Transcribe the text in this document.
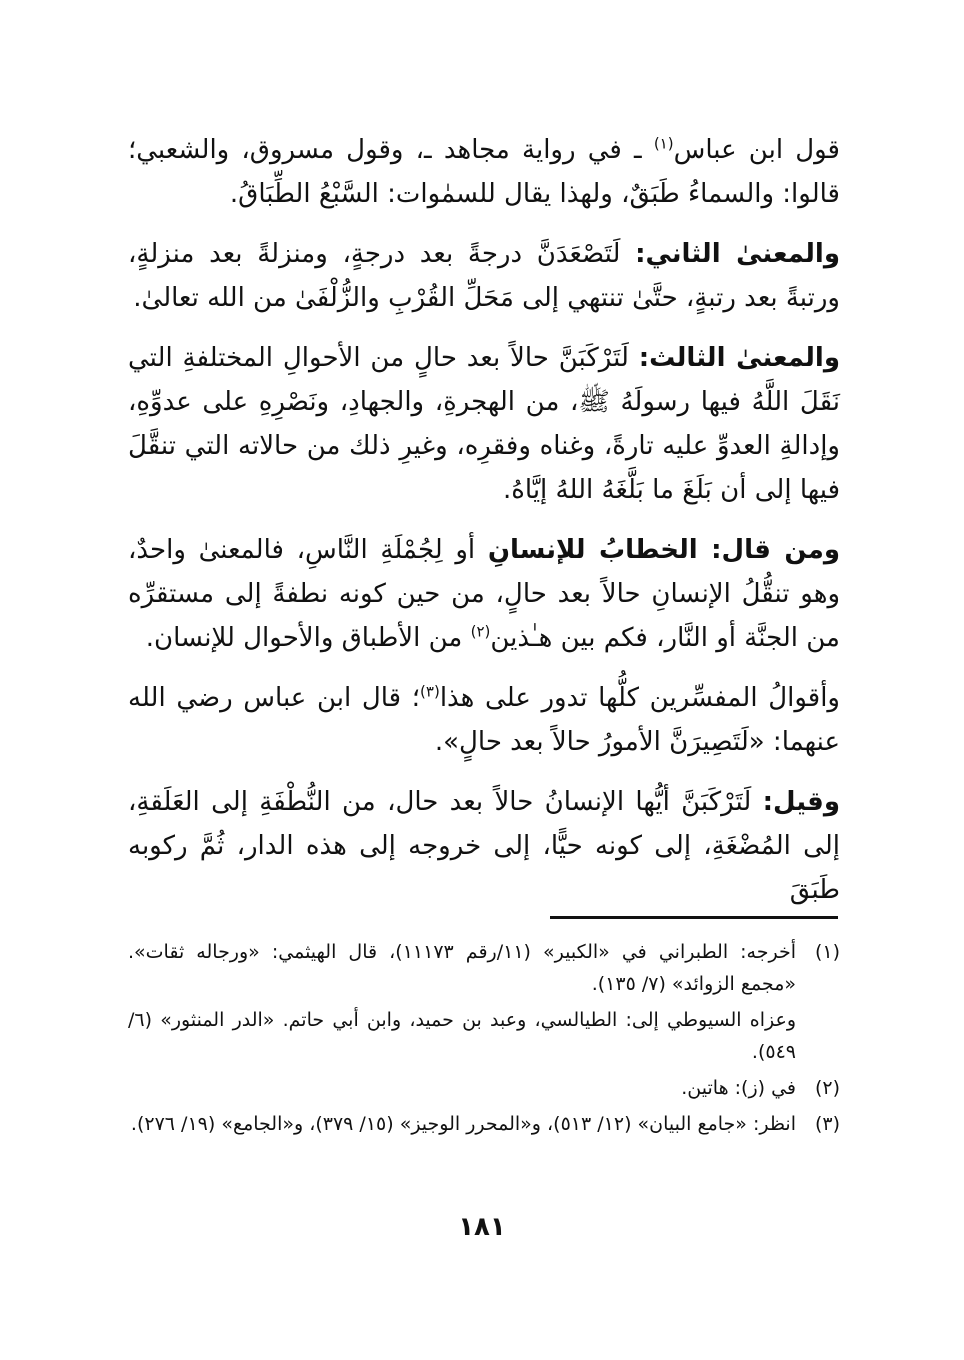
قول ابن عباس$^{(١)}$ ـ في رواية مجاهد ـ، وقول مسروق، والشعبي؛ قالوا: والسماءُ طَبَقٌ، ولهذا يقال للسمٰوات: السَّبْعُ الطِّبَاقُ.

والمعنىٰ الثاني: لَتَصْعَدَنَّ درجةً بعد درجةٍ، ومنزلةً بعد منزلةٍ، ورتبةً بعد رتبةٍ، حتَّىٰ تنتهي إلى مَحَلِّ القُرْبِ والزُّلْفَىٰ من الله تعالىٰ.

والمعنىٰ الثالث: لَتَرْكَبَنَّ حالاً بعد حالٍ من الأحوالِ المختلفةِ التي نَقَلَ اللَّهُ فيها رسولَهُ ﷺ، من الهجرةِ، والجهادِ، ونَصْرِهِ على عدوِّهِ، وإدالةِ العدوِّ عليه تارةً، وغناه وفقرِه، وغيرِ ذلك من حالاته التي تنقَّلَ فيها إلى أن بَلَغَ ما بَلَّغَهُ اللهُ إيَّاهُ.

ومن قال: الخطابُ للإنسانِ أو لِجُمْلَةِ النَّاسِ، فالمعنىٰ واحدٌ، وهو تنقُّلُ الإنسانِ حالاً بعد حالٍ، من حين كونه نطفةً إلى مستقرِّه من الجنَّة أو النَّار، فكم بين هـٰذين$^{(٢)}$ من الأطباق والأحوال للإنسان.

وأقوالُ المفسِّرين كلُّها تدور على هذا$^{(٣)}$؛ قال ابن عباس رضي الله عنهما: «لَتَصِيرَنَّ الأمورُ حالاً بعد حالٍ».

وقيل: لَتَرْكَبَنَّ أيُّها الإنسانُ حالاً بعد حال، من النُّطْفَةِ إلى العَلَقةِ، إلى المُضْغَةِ، إلى كونه حيًّا، إلى خروجه إلى هذه الدار، ثُمَّ ركوبه طَبَقَ

(١)
أخرجه: الطبراني في «الكبير» (١١/رقم ١١١٧٣)، قال الهيثمي: «ورجاله ثقات». «مجمع الزوائد» (٧/ ١٣٥).
وعزاه السيوطي إلى: الطيالسي، وعبد بن حميد، وابن أبي حاتم. «الدر المنثور» (٦/ ٥٤٩).
(٢)
في (ز): هاتين.
(٣)
انظر: «جامع البيان» (١٢/ ٥١٣)، و«المحرر الوجيز» (١٥/ ٣٧٩)، و«الجامع» (١٩/ ٢٧٦).
١٨١
